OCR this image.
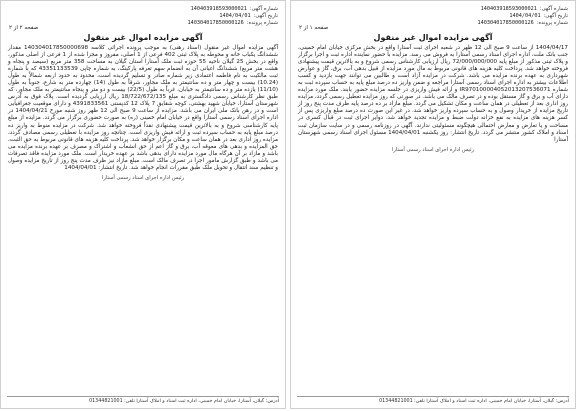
شماره آگهی:
140403918593000021
تاریخ آگهی:
1404/04/01
شماره پرونده:
140304017850000126
صفحه ۲ از ۲
آگهی مزایده اموال غیر منقول
آگهی مزایده اموال غیر منقول (اسناد رهنی) به موجب پرونده اجرائی کلاسه 140304017850000698 مقدار ششدانگ یکباب خانه و محوطه به پلاک ثبتی 402 فرعی از 1 اصلی، مفروز و مجزا شده از 1 فرعی از اصلی مذکور، واقع در بخش 25 گیلان ناحیه 55 حوزه ثبت ملک آستارا استان گیلان به مساحت 358 متر مربع (سیصد و پنجاه و هشت متر مربع) ششدانگ اعیانی آن به انضمام سهم تعرفه پارکینگ، به شماره چاپی 43351133539 که با شماره ثبت مالکیت به نام فاطمه اعتمادی زیر شماره صادر و تسلیم گردیده است، محدود به حدود اربعه شمالاً به طول (10.24) بیست و چهار متر و ده سانتیمتر به ملک مجاور، شرقاً به طول (14) چهارده متر به شارع، جنوباً به طول (11/10) یازده متر و ده سانتیمتر به خیابان، غرباً به طول (22/5) بیست و دو متر و پنجاه سانتیمتر به ملک مجاور، که طبق نظر کارشناس رسمی دادگستری به مبلغ 18/722/672/135 ریال ارزیابی گردیده است. پلاک فوق به آدرس شهرستان آستارا، خیابان شهید بهشتی، کوچه شقایق 7 پلاک 12 کدپستی 4391833561 و دارای موقعیت جغرافیایی است و در رهن بانک ملی ایران می باشد. مزایده از ساعت 9 صبح الی 12 ظهر روز شنبه مورخ 1404/04/21 در اداره اجرای اسناد رسمی آستارا واقع در خیابان امام خمینی (ره) به صورت حضوری برگزار می گردد. مزایده از مبلغ پایه کارشناسی شروع و به بالاترین قیمت پیشنهادی نقداً فروخته خواهد شد. شرکت در مزایده منوط به واریز ده درصد مبلغ پایه به حساب سپرده ثبت و ارائه فیش واریزی است. چنانچه روز مزایده با تعطیلی رسمی مصادف گردد، مزایده روز اداری بعد در همان ساعت و مکان برگزار خواهد شد. پرداخت کلیه هزینه های قانونی مربوط به حق الثبت، حق المزایده و بدهی های معوقه آب، برق و گاز اعم از حق انشعاب و اشتراک و مصرف بر عهده برنده مزایده می باشد و مازاد بر آن هرگاه مال مورد مزایده دارای بدهی باشد بر عهده خریدار است. ملک مورد مزایده فاقد تصرفات می باشد و طبق گزارش مامور اجرا در تصرف مالک است. مبلغ مازاد نیز ظرف مدت پنج روز از تاریخ مزایده وصول و تنظیم سند انتقال و تحویل ملک طبق مقررات انجام خواهد شد. تاریخ انتشار: 1404/04/01
رئیس اداره اجرای اسناد رسمی آستارا
آدرس: گیلان، آستارا، خیابان امام خمینی، اداره ثبت اسناد و املاک آستارا تلفن: 01344821001
شماره آگهی:
140403918593000021
تاریخ آگهی:
1404/04/01
شماره پرونده:
140304017850000126
صفحه ۱ از ۲
آگهی مزایده اموال غیر منقول
1404/04/17 از ساعت 9 صبح الی 12 ظهر در شعبه اجرای ثبت آستارا واقع در بخش مرکزی خیابان امام خمینی، جنب بانک ملت، اداره اجرای اسناد رسمی آستارا به فروش می رسد. مزایده با حضور نماینده اداره ثبت و اجرا برگزار و پلاک ثبتی مذکور از مبلغ پایه 72/000/000/000 ریال ارزیابی کارشناس رسمی شروع و به بالاترین قیمت پیشنهادی فروخته خواهد شد. پرداخت کلیه هزینه های قانونی مربوط به مال مورد مزایده از قبیل بدهی آب، برق، گاز و عوارض شهرداری به عهده برنده مزایده می باشد. شرکت در مزایده آزاد است و طالبین می توانند جهت بازدید و کسب اطلاعات بیشتر به اداره اجرای اسناد رسمی آستارا مراجعه و ضمن واریز ده درصد مبلغ پایه به حساب سپرده ثبت به شماره IR970100004052013207536071 و ارائه فیش واریزی در جلسه مزایده حضور یابند. ملک مورد مزایده دارای آب و برق و گاز مستقل بوده و در تصرف مالک می باشد. در صورتی که روز مزایده تعطیل رسمی گردد، مزایده روز اداری بعد از تعطیلی در همان ساعت و مکان تشکیل می گردد. مبلغ مازاد بر ده درصد پایه ظرف مدت پنج روز از تاریخ مزایده از خریدار وصول و به حساب سپرده واریز خواهد شد. در غیر این صورت ده درصد مبلغ واریزی پس از کسر هزینه های مزایده به نفع خزانه دولت ضبط و مزایده تجدید خواهد شد. دوایر اجرای ثبت در قبال کسری در مساحت و یا تعارض و معارض احتمالی هیچگونه مسئولیتی ندارند. آگهی در روزنامه رسمی و در سایت سازمان ثبت اسناد و املاک کشور منتشر می گردد. تاریخ انتشار: روز یکشنبه 1404/04/01 مسئول اجرای اسناد رسمی شهرستان آستارا
رئیس اداره اجرای اسناد رسمی آستارا
آدرس: گیلان، آستارا، خیابان امام خمینی، اداره ثبت اسناد و املاک آستارا تلفن: 01344821001
